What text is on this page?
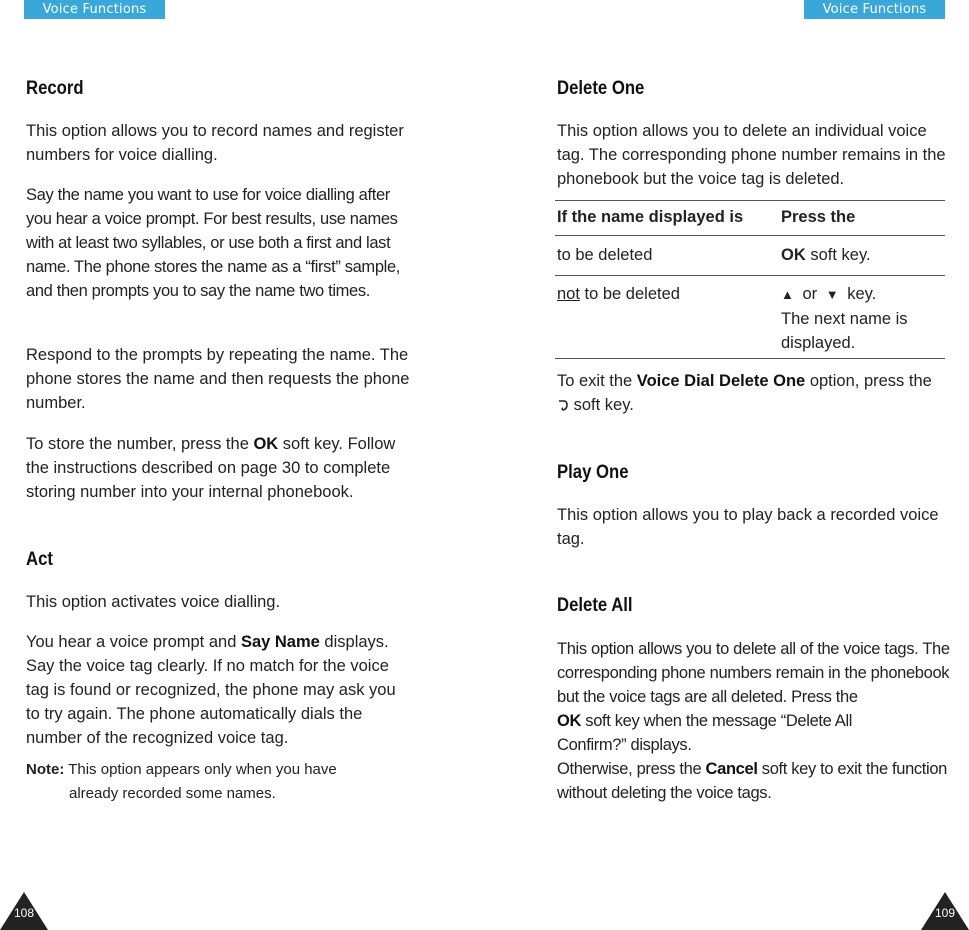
Voice Functions	Voice Functions
Record

This option allows you to record names and register numbers for voice dialling.

Say the name you want to use for voice dialling after you hear a voice prompt. For best results, use names with at least two syllables, or use both a first and last name. The phone stores the name as a “first” sample, and then prompts you to say the name two times.

Respond to the prompts by repeating the name. The phone stores the name and then requests the phone number.

To store the number, press the OK soft key. Follow the instructions described on page 30 to complete storing number into your internal phonebook.

Act

This option activates voice dialling.

You hear a voice prompt and Say Name displays. Say the voice tag clearly. If no match for the voice tag is found or recognized, the phone may ask you to try again. The phone automatically dials the number of the recognized voice tag.

Note: This option appears only when you have
already recorded some names.
Delete One

This option allows you to delete an individual voice tag. The corresponding phone number remains in the phonebook but the voice tag is deleted.

If the name displayed is	Press the
to be deleted	OK soft key.
not to be deleted	▲ or ▼ key.
The next name is
displayed.

To exit the Voice Dial Delete One option, press the
soft key.

Play One

This option allows you to play back a recorded voice tag.

Delete All

This option allows you to delete all of the voice tags. The corresponding phone numbers remain in the phonebook but the voice tags are all deleted. Press the
OK soft key when the message “Delete All
Confirm?” displays.
Otherwise, press the Cancel soft key to exit the function without deleting the voice tags.

108	109
